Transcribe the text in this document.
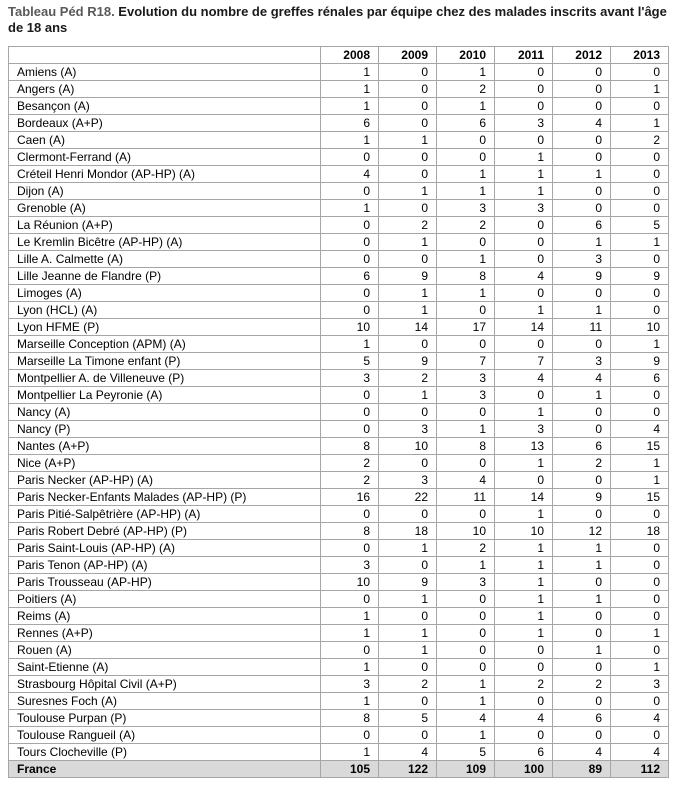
Tableau Péd R18. Evolution du nombre de greffes rénales par équipe chez des malades inscrits avant l'âge de 18 ans
	2008	2009	2010	2011	2012	2013
Amiens (A)	1	0	1	0	0	0
Angers (A)	1	0	2	0	0	1
Besançon (A)	1	0	1	0	0	0
Bordeaux (A+P)	6	0	6	3	4	1
Caen (A)	1	1	0	0	0	2
Clermont-Ferrand (A)	0	0	0	1	0	0
Créteil Henri Mondor (AP-HP) (A)	4	0	1	1	1	0
Dijon (A)	0	1	1	1	0	0
Grenoble (A)	1	0	3	3	0	0
La Réunion (A+P)	0	2	2	0	6	5
Le Kremlin Bicêtre (AP-HP) (A)	0	1	0	0	1	1
Lille A. Calmette (A)	0	0	1	0	3	0
Lille Jeanne de Flandre (P)	6	9	8	4	9	9
Limoges (A)	0	1	1	0	0	0
Lyon (HCL) (A)	0	1	0	1	1	0
Lyon HFME (P)	10	14	17	14	11	10
Marseille Conception (APM) (A)	1	0	0	0	0	1
Marseille La Timone enfant (P)	5	9	7	7	3	9
Montpellier A. de Villeneuve (P)	3	2	3	4	4	6
Montpellier La Peyronie (A)	0	1	3	0	1	0
Nancy (A)	0	0	0	1	0	0
Nancy (P)	0	3	1	3	0	4
Nantes (A+P)	8	10	8	13	6	15
Nice (A+P)	2	0	0	1	2	1
Paris Necker (AP-HP) (A)	2	3	4	0	0	1
Paris Necker-Enfants Malades (AP-HP) (P)	16	22	11	14	9	15
Paris Pitié-Salpêtrière (AP-HP) (A)	0	0	0	1	0	0
Paris Robert Debré (AP-HP) (P)	8	18	10	10	12	18
Paris Saint-Louis (AP-HP) (A)	0	1	2	1	1	0
Paris Tenon (AP-HP) (A)	3	0	1	1	1	0
Paris Trousseau (AP-HP)	10	9	3	1	0	0
Poitiers (A)	0	1	0	1	1	0
Reims (A)	1	0	0	1	0	0
Rennes (A+P)	1	1	0	1	0	1
Rouen (A)	0	1	0	0	1	0
Saint-Etienne (A)	1	0	0	0	0	1
Strasbourg Hôpital Civil (A+P)	3	2	1	2	2	3
Suresnes Foch (A)	1	0	1	0	0	0
Toulouse Purpan (P)	8	5	4	4	6	4
Toulouse Rangueil (A)	0	0	1	0	0	0
Tours Clocheville (P)	1	4	5	6	4	4
France	105	122	109	100	89	112
